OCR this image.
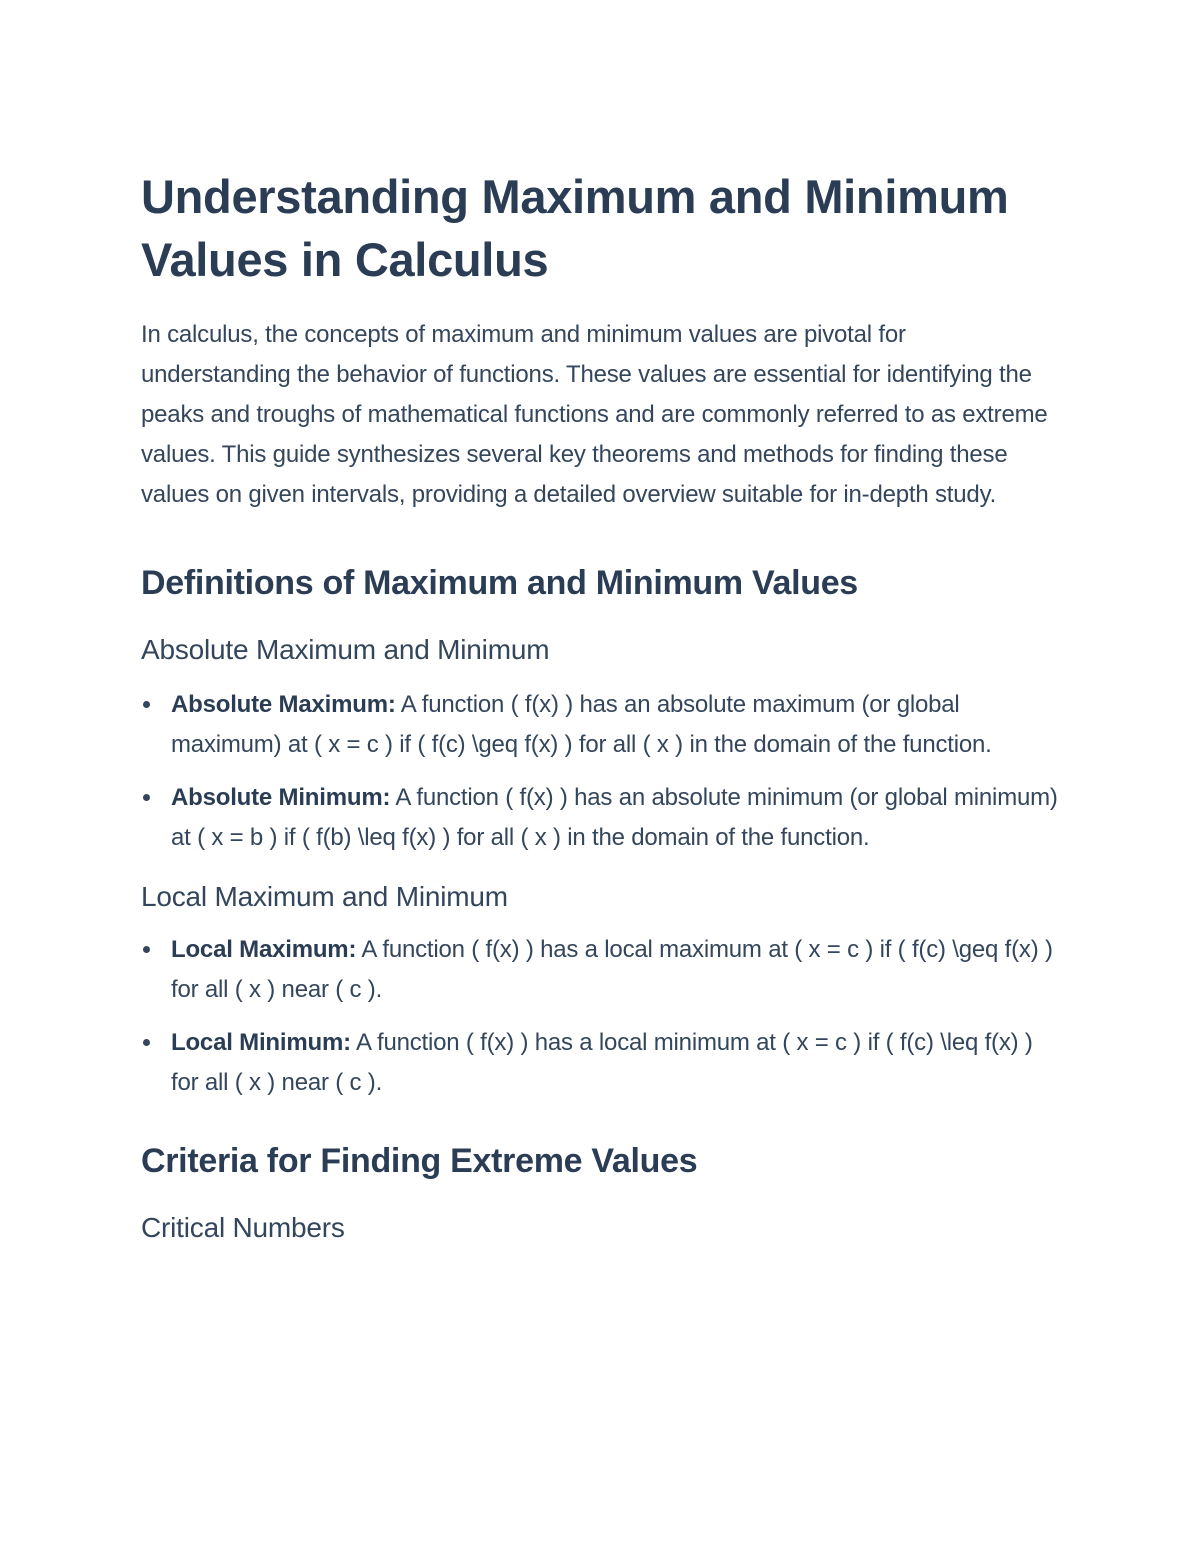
Understanding Maximum and Minimum Values in Calculus

In calculus, the concepts of maximum and minimum values are pivotal for understanding the behavior of functions. These values are essential for identifying the peaks and troughs of mathematical functions and are commonly referred to as extreme values. This guide synthesizes several key theorems and methods for finding these values on given intervals, providing a detailed overview suitable for in-depth study.

Definitions of Maximum and Minimum Values
Absolute Maximum and Minimum
Absolute Maximum: A function ( f(x) ) has an absolute maximum (or global maximum) at ( x = c ) if ( f(c) \geq f(x) ) for all ( x ) in the domain of the function.
Absolute Minimum: A function ( f(x) ) has an absolute minimum (or global minimum) at ( x = b ) if ( f(b) \leq f(x) ) for all ( x ) in the domain of the function.
Local Maximum and Minimum
Local Maximum: A function ( f(x) ) has a local maximum at ( x = c ) if ( f(c) \geq f(x) ) for all ( x ) near ( c ).
Local Minimum: A function ( f(x) ) has a local minimum at ( x = c ) if ( f(c) \leq f(x) ) for all ( x ) near ( c ).
Criteria for Finding Extreme Values
Critical Numbers
